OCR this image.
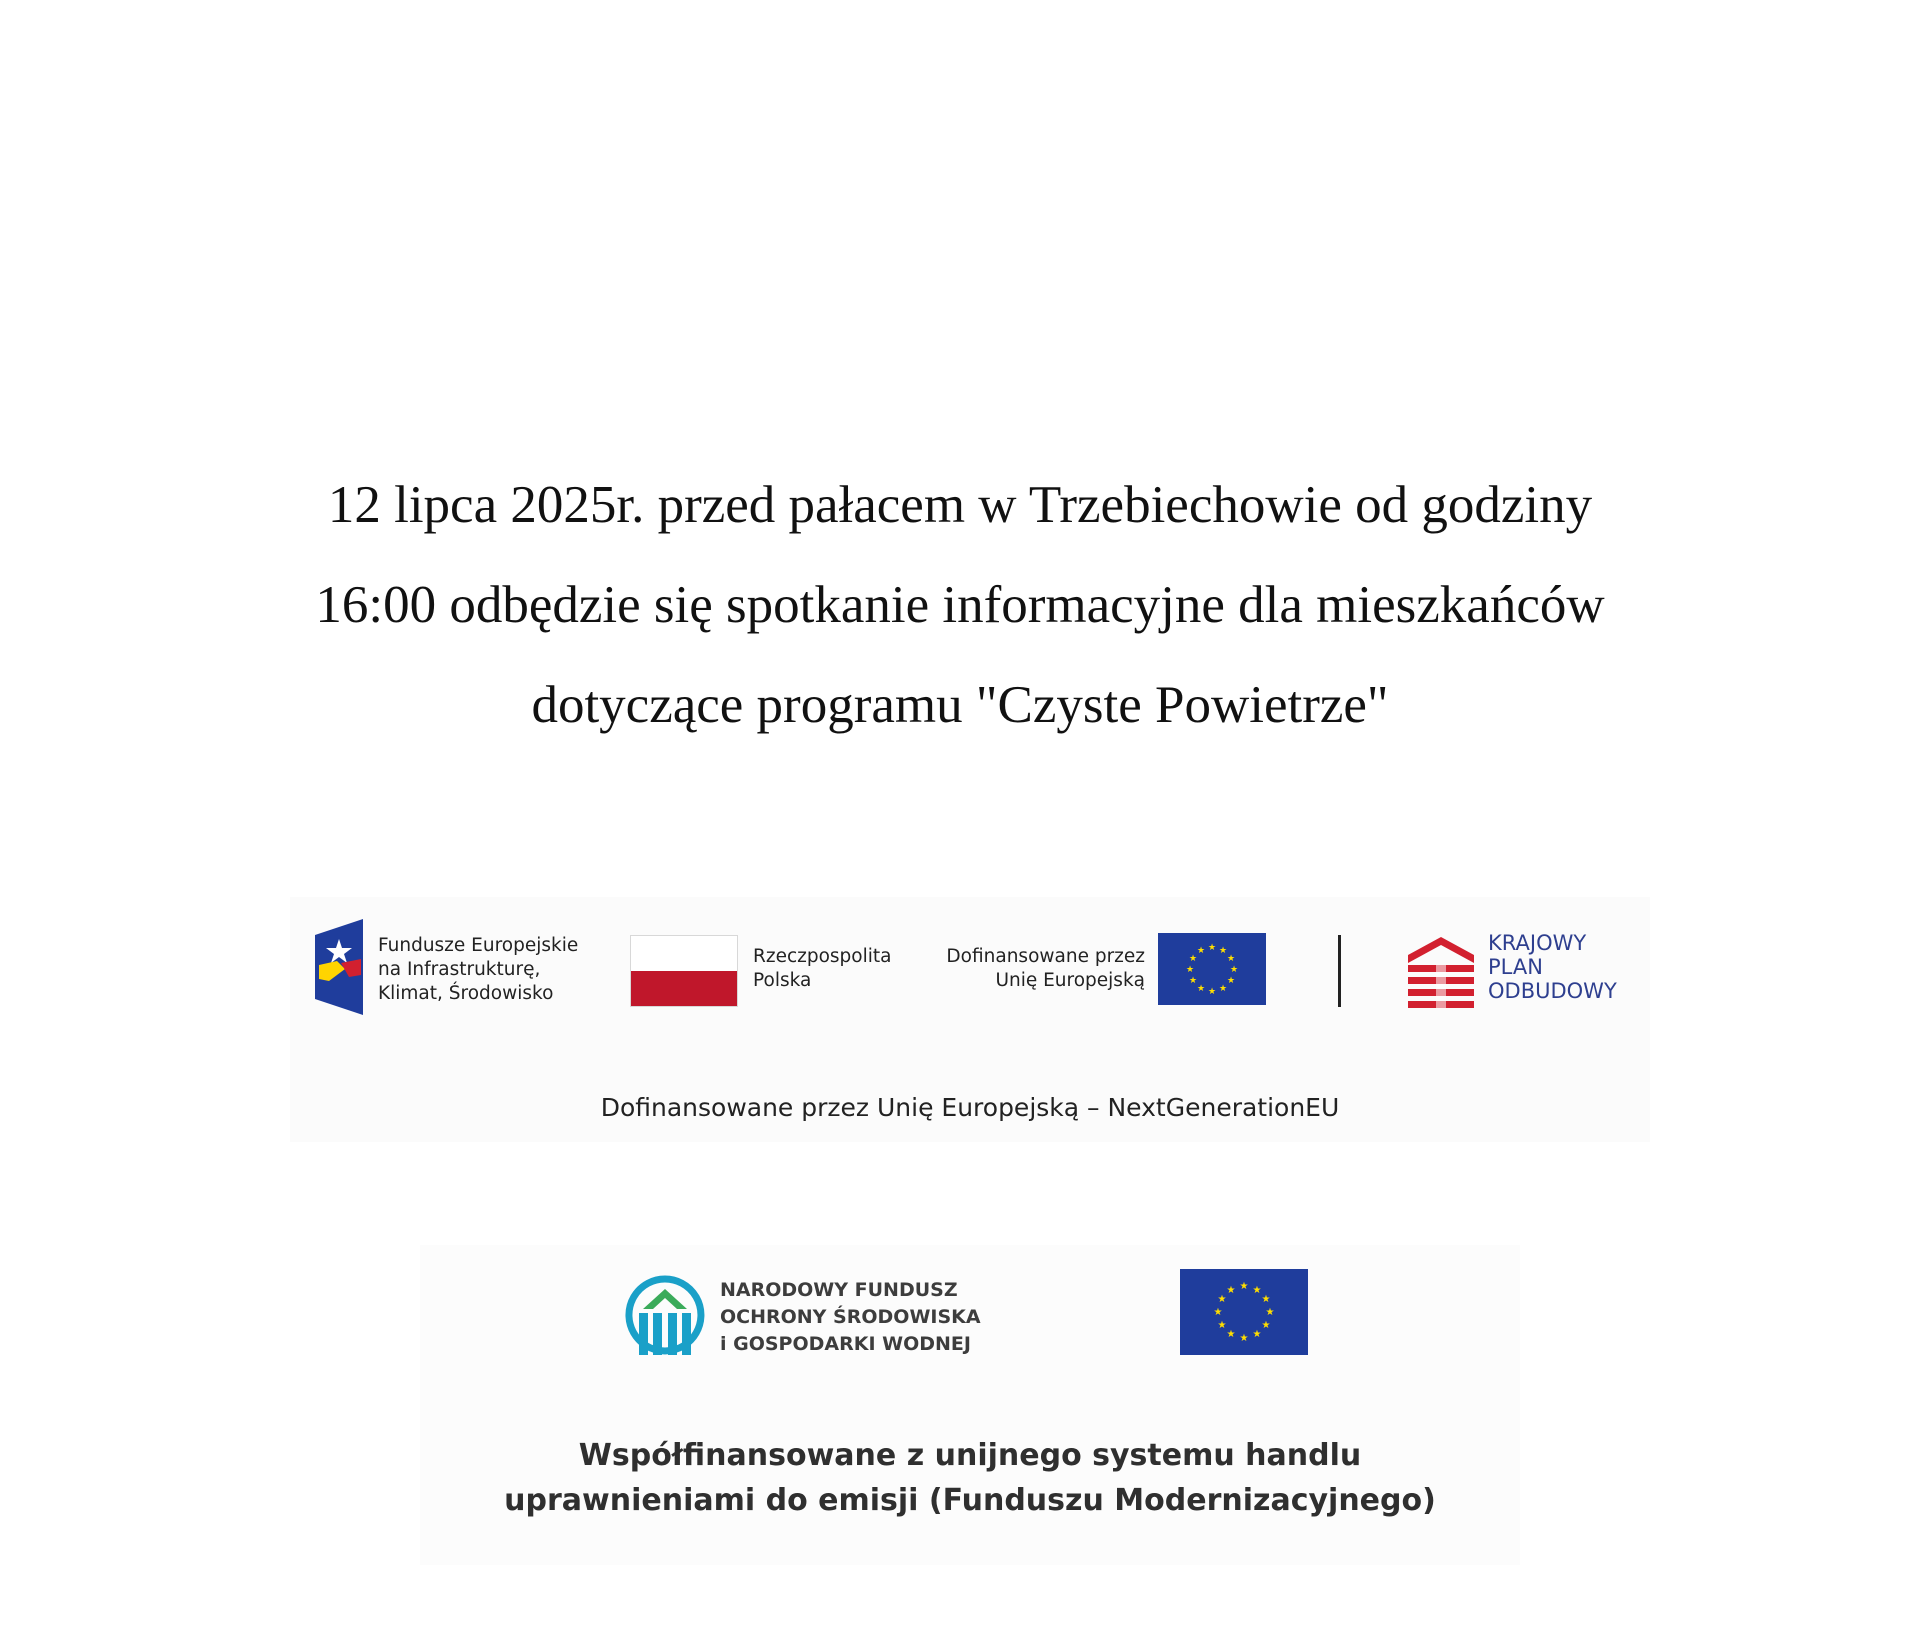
12 lipca 2025r. przed pałacem w Trzebiechowie od godziny
16:00 odbędzie się spotkanie informacyjne dla mieszkańców
dotyczące programu "Czyste Powietrze"
Fundusze Europejskie
na Infrastrukturę,
Klimat, Środowisko
Rzeczpospolita
Polska
Dofinansowane przez
Unię Europejską
★ ★
★
★
★
★
★
★
★
★
★
★	KRAJOWY
PLAN
ODBUDOWY
Dofinansowane przez Unię Europejską – NextGenerationEU
NARODOWY FUNDUSZ
OCHRONY ŚRODOWISKA
i GOSPODARKI WODNEJ
★ ★
★
★
★
★
★
★
★
★
★
★
Współfinansowane z unijnego systemu handlu
uprawnieniami do emisji (Funduszu Modernizacyjnego)
